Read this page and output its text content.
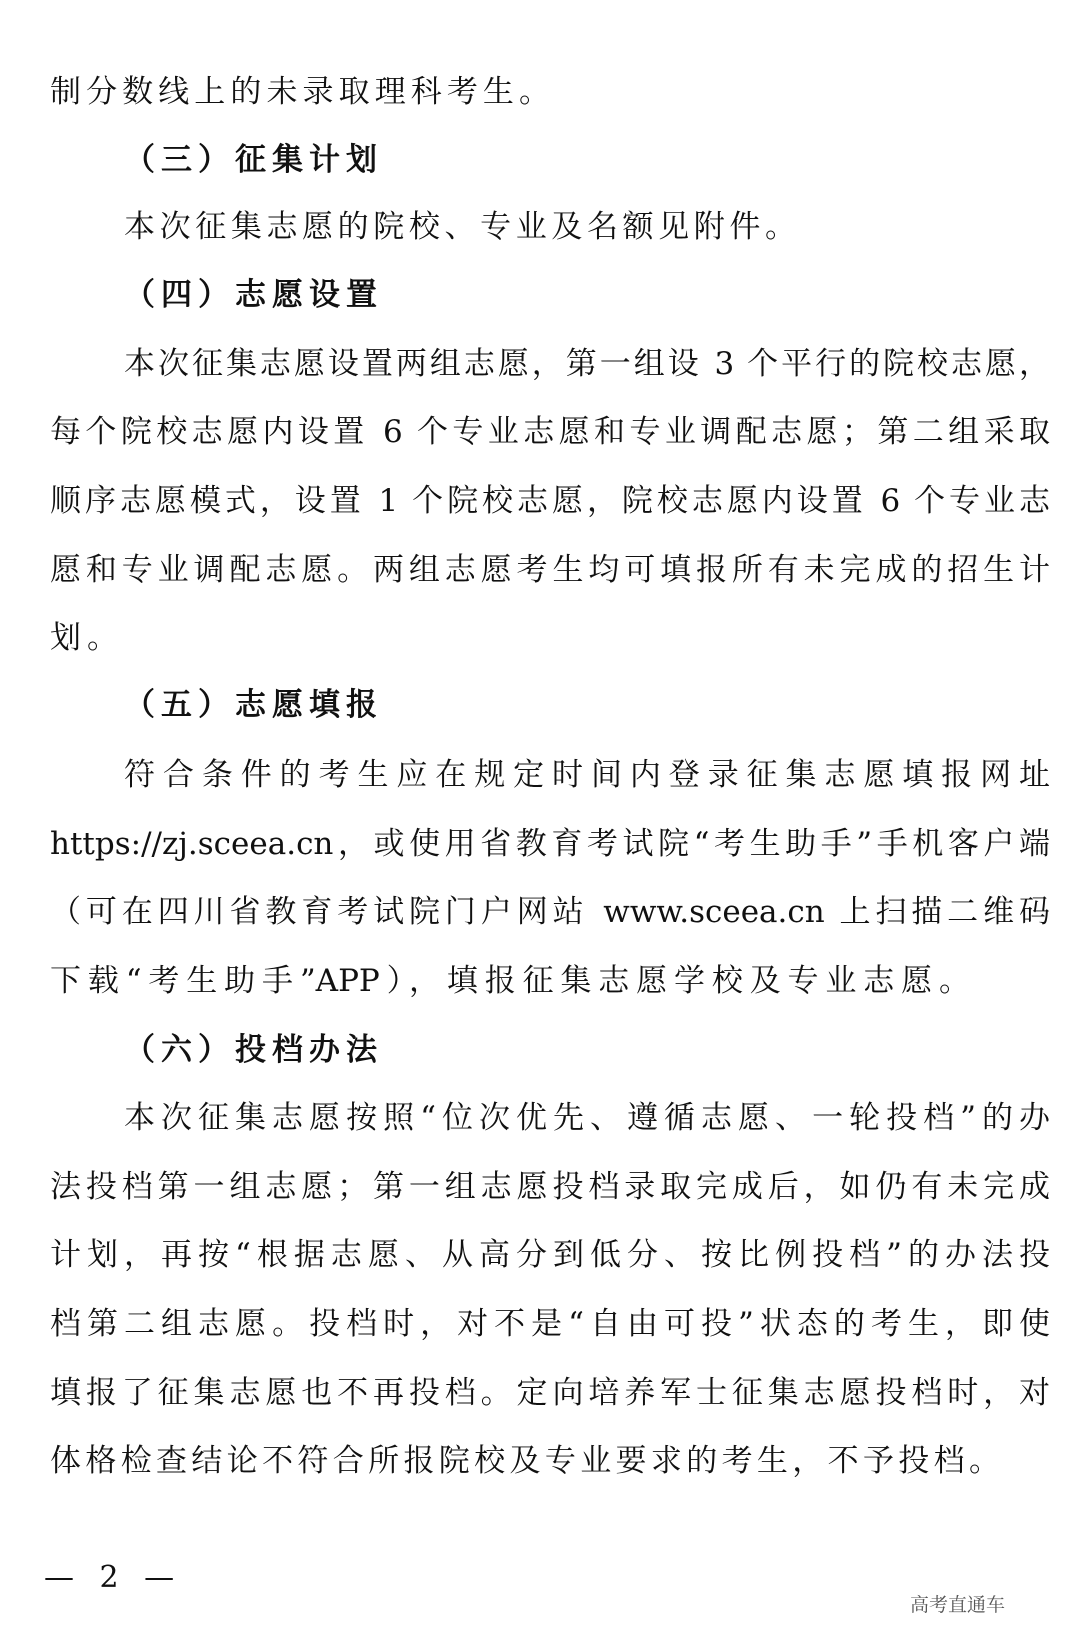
制分数线上的未录取理科考生。
（三）征集计划
本次征集志愿的院校、专业及名额见附件。
（四）志愿设置
本次征集志愿设置两组志愿，第一组设 3 个平行的院校志愿，
每个院校志愿内设置 6 个专业志愿和专业调配志愿；第二组采取
顺序志愿模式，设置 1 个院校志愿，院校志愿内设置 6 个专业志
愿和专业调配志愿。两组志愿考生均可填报所有未完成的招生计
划。
（五）志愿填报
符合条件的考生应在规定时间内登录征集志愿填报网址
https://zj.sceea.cn，或使用省教育考试院“考生助手”手机客户端
（可在四川省教育考试院门户网站 www.sceea.cn 上扫描二维码
下载“考生助手”APP），填报征集志愿学校及专业志愿。
（六）投档办法
本次征集志愿按照“位次优先、遵循志愿、一轮投档”的办
法投档第一组志愿；第一组志愿投档录取完成后，如仍有未完成
计划，再按“根据志愿、从高分到低分、按比例投档”的办法投
档第二组志愿。投档时，对不是“自由可投”状态的考生，即使
填报了征集志愿也不再投档。定向培养军士征集志愿投档时，对
体格检查结论不符合所报院校及专业要求的考生，不予投档。
— 2 —
高考直通车
